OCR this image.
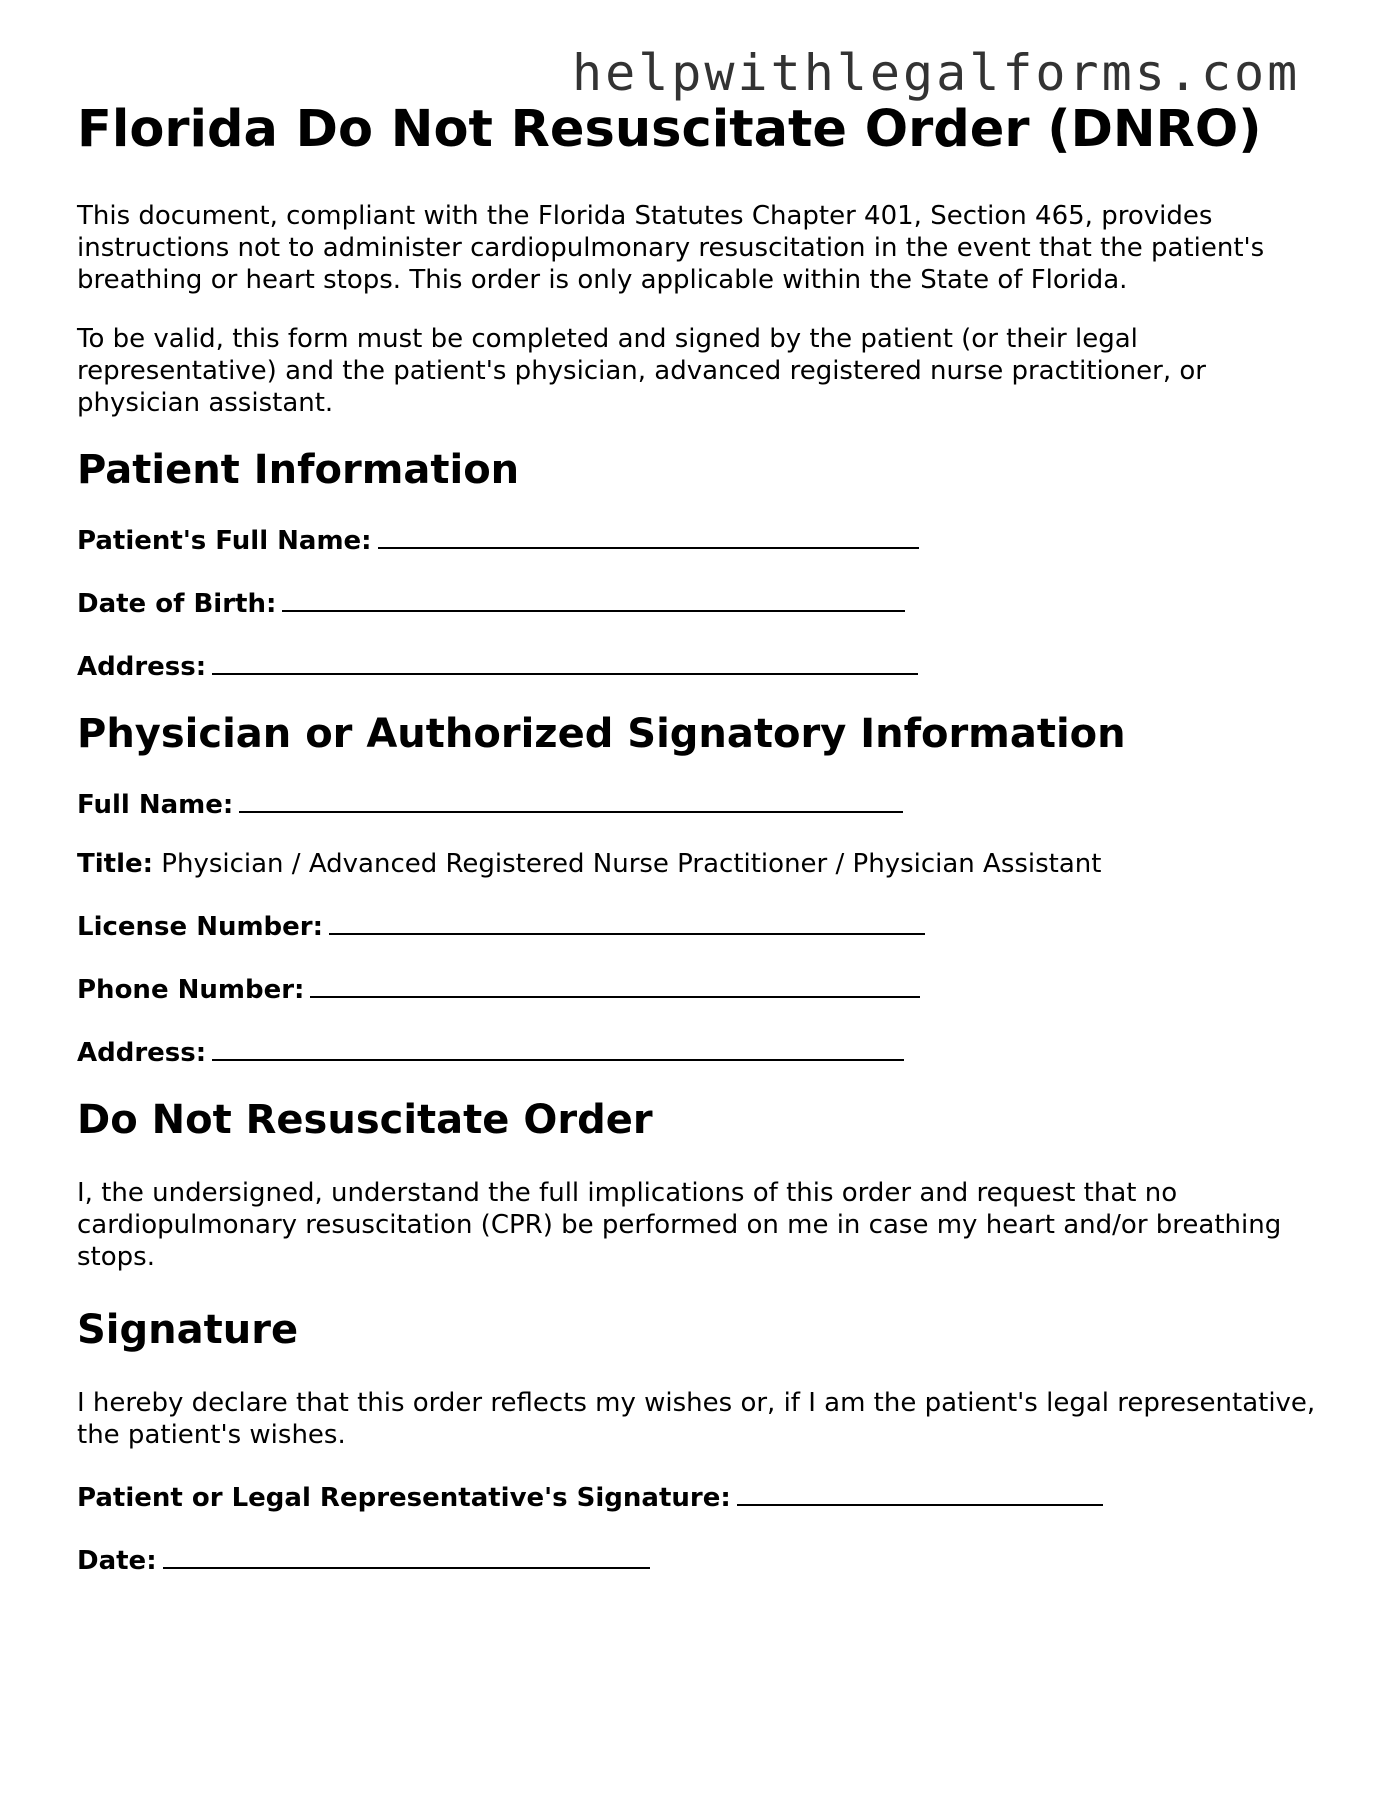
helpwithlegalforms.com
Florida Do Not Resuscitate Order (DNRO)

This document, compliant with the Florida Statutes Chapter 401, Section 465, provides instructions not to administer cardiopulmonary resuscitation in the event that the patient's breathing or heart stops. This order is only applicable within the State of Florida.

To be valid, this form must be completed and signed by the patient (or their legal representative) and the patient's physician, advanced registered nurse practitioner, or physician assistant.

Patient Information

Patient's Full Name:

Date of Birth:

Address:

Physician or Authorized Signatory Information

Full Name:

Title: Physician / Advanced Registered Nurse Practitioner / Physician Assistant

License Number:

Phone Number:

Address:

Do Not Resuscitate Order

I, the undersigned, understand the full implications of this order and request that no cardiopulmonary resuscitation (CPR) be performed on me in case my heart and/or breathing stops.

Signature

I hereby declare that this order reflects my wishes or, if I am the patient's legal representative, the patient's wishes.

Patient or Legal Representative's Signature:

Date:
